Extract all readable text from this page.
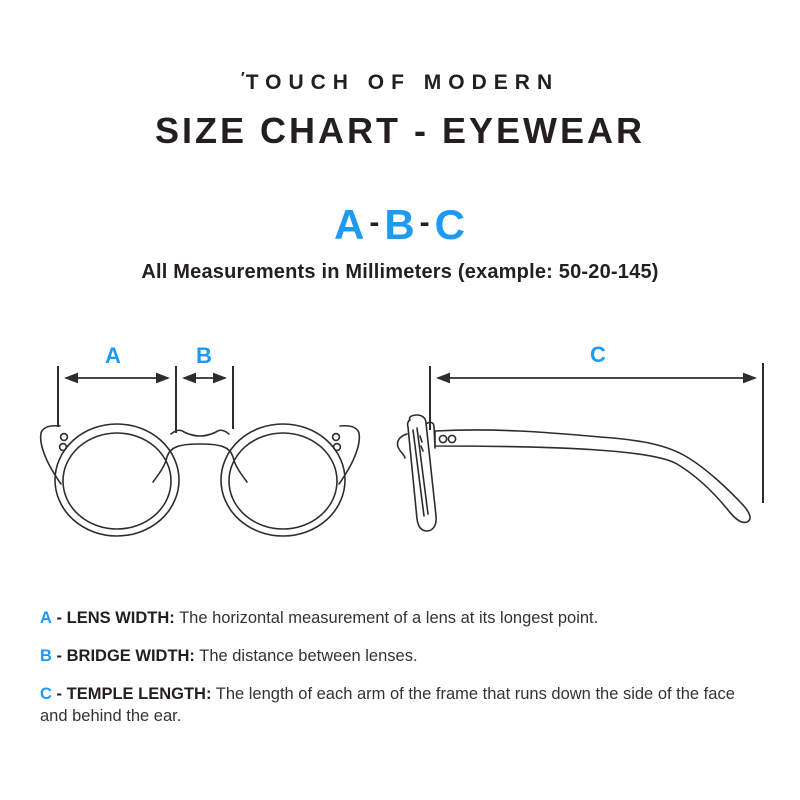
′TOUCH OF MODERN
SIZE CHART - EYEWEAR
A -B -C
All Measurements in Millimeters (example: 50-20-145)
A	B	C
A - LENS WIDTH: The horizontal measurement of a lens at its longest point.
B - BRIDGE WIDTH: The distance between lenses.
C - TEMPLE LENGTH: The length of each arm of the frame that runs down the side of the face and behind the ear.
